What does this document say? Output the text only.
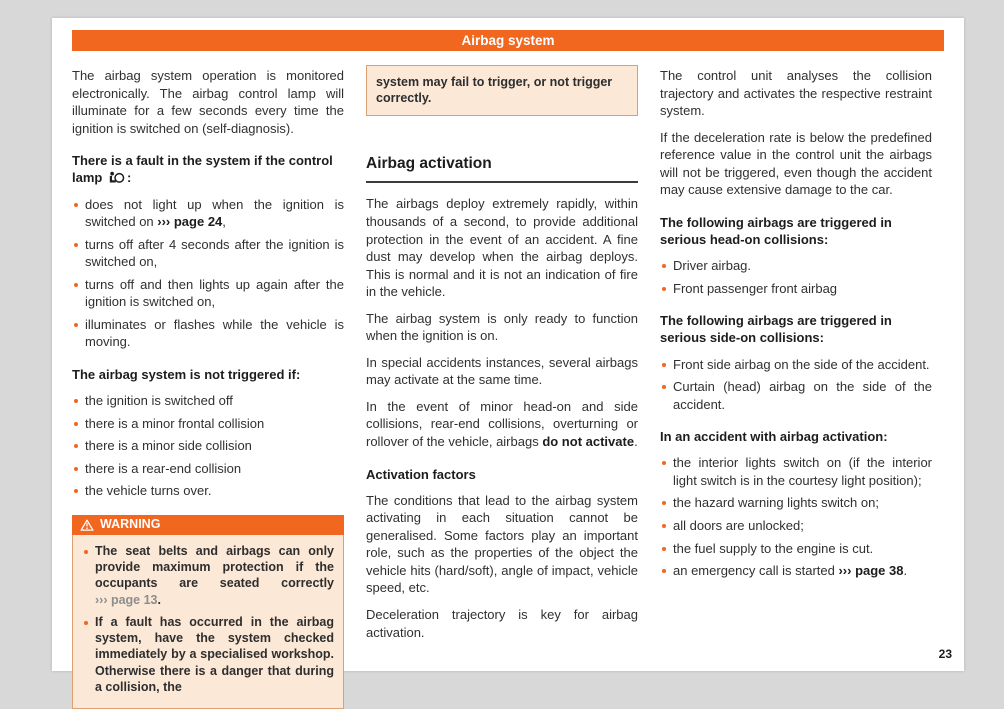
Airbag system

The airbag system operation is monitored electronically. The airbag control lamp will illuminate for a few seconds every time the ignition is switched on (self-diagnosis).

There is a fault in the system if the control lamp :
does not light up when the ignition is switched on ››› page 24,
turns off after 4 seconds after the ignition is switched on,
turns off and then lights up again after the ignition is switched on,
illuminates or flashes while the vehicle is moving.
The airbag system is not triggered if:
the ignition is switched off
there is a minor frontal collision
there is a minor side collision
there is a rear-end collision
the vehicle turns over.
WARNING
The seat belts and airbags can only provide maximum protection if the occupants are seated correctly ››› page 13.
If a fault has occurred in the airbag system, have the system checked immediately by a specialised workshop. Otherwise there is a danger that during a collision, the
system may fail to trigger, or not trigger correctly.
Airbag activation

The airbags deploy extremely rapidly, within thousands of a second, to provide additional protection in the event of an accident. A fine dust may develop when the airbag deploys. This is normal and it is not an indication of fire in the vehicle.

The airbag system is only ready to function when the ignition is on.

In special accidents instances, several airbags may activate at the same time.

In the event of minor head-on and side collisions, rear-end collisions, overturning or rollover of the vehicle, airbags do not activate.

Activation factors

The conditions that lead to the airbag system activating in each situation cannot be generalised. Some factors play an important role, such as the properties of the object the vehicle hits (hard/soft), angle of impact, vehicle speed, etc.

Deceleration trajectory is key for airbag activation.

The control unit analyses the collision trajectory and activates the respective restraint system.

If the deceleration rate is below the predefined reference value in the control unit the airbags will not be triggered, even though the accident may cause extensive damage to the car.

The following airbags are triggered in serious head-on collisions:
Driver airbag.
Front passenger front airbag
The following airbags are triggered in serious side-on collisions:
Front side airbag on the side of the accident.
Curtain (head) airbag on the side of the accident.
In an accident with airbag activation:
the interior lights switch on (if the interior light switch is in the courtesy light position);
the hazard warning lights switch on;
all doors are unlocked;
the fuel supply to the engine is cut.
an emergency call is started ››› page 38.
23
